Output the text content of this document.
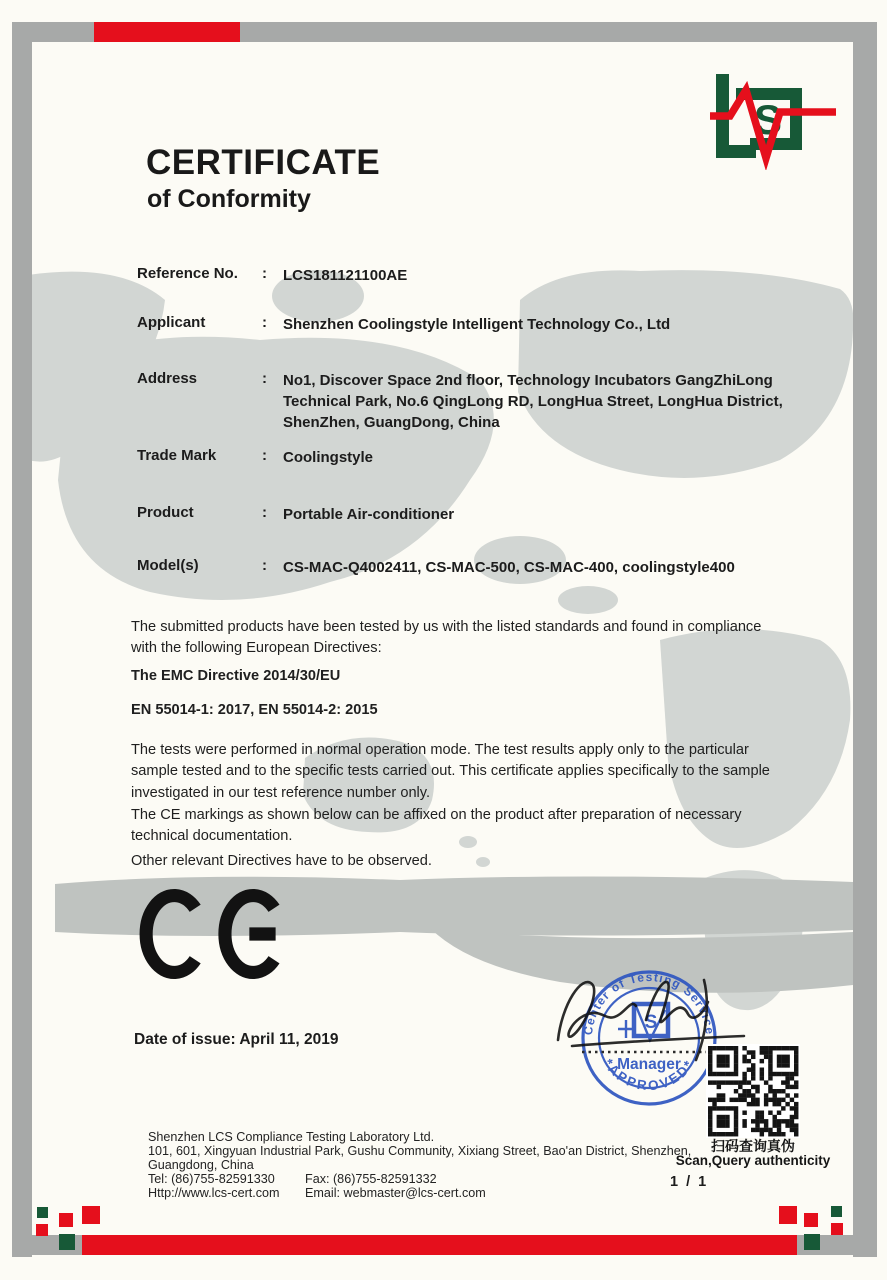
S
CERTIFICATE
of Conformity
Reference No. : LCS181121100AE
Applicant	: Shenzhen Coolingstyle Intelligent Technology Co., Ltd
Address	: No1, Discover Space 2nd floor, Technology Incubators GangZhiLong Technical Park, No.6 QingLong RD, LongHua Street, LongHua District, ShenZhen, GuangDong, China
Trade Mark	: Coolingstyle
Product	: Portable Air-conditioner
Model(s)	: CS-MAC-Q4002411, CS-MAC-500, CS-MAC-400, coolingstyle400
The submitted products have been tested by us with the listed standards and found in compliance with the following European Directives:
The EMC Directive 2014/30/EU
EN 55014-1: 2017, EN 55014-2: 2015
The tests were performed in normal operation mode. The test results apply only to the particular sample tested and to the specific tests carried out. This certificate applies specifically to the sample investigated in our test reference number only.
The CE markings as shown below can be affixed on the product after preparation of necessary technical documentation.
Other relevant Directives have to be observed.
Date of issue: April 11, 2019
Center of Testing Service
*APPROVED*
S
Manager
扫码查询真伪
Scan,Query authenticity
Shenzhen LCS Compliance Testing Laboratory Ltd.
101, 601, Xingyuan Industrial Park, Gushu Community, Xixiang Street, Bao'an District, Shenzhen,
Guangdong, China
Tel: (86)755-82591330 Fax: (86)755-82591332
Http://www.lcs-cert.com Email: webmaster@lcs-cert.com
1 / 1
